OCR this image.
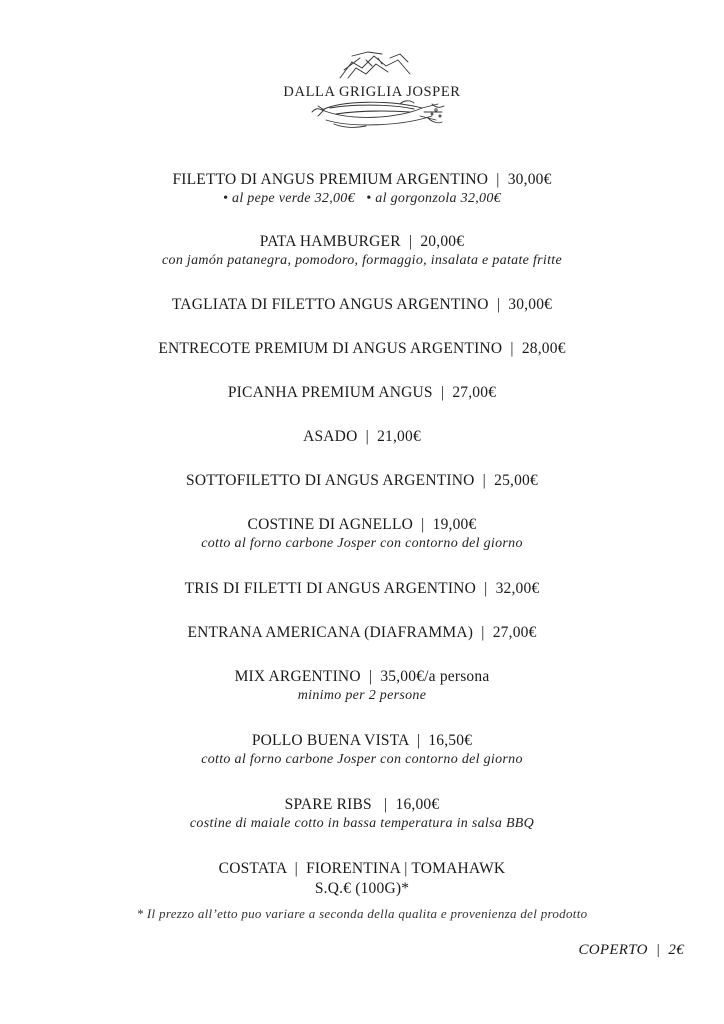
DALLA GRIGLIA JOSPER
FILETTO DI ANGUS PREMIUM ARGENTINO  |  30,00€
• al pepe verde 32,00€   • al gorgonzola 32,00€
PATA HAMBURGER  |  20,00€
con jamón patanegra, pomodoro, formaggio, insalata e patate fritte
TAGLIATA DI FILETTO ANGUS ARGENTINO  |  30,00€
ENTRECOTE PREMIUM DI ANGUS ARGENTINO  |  28,00€
PICANHA PREMIUM ANGUS  |  27,00€
ASADO  |  21,00€
SOTTOFILETTO DI ANGUS ARGENTINO  |  25,00€
COSTINE DI AGNELLO  |  19,00€
cotto al forno carbone Josper con contorno del giorno
TRIS DI FILETTI DI ANGUS ARGENTINO  |  32,00€
ENTRANA AMERICANA (DIAFRAMMA)  |  27,00€
MIX ARGENTINO  |  35,00€/a persona
minimo per 2 persone
POLLO BUENA VISTA  |  16,50€
cotto al forno carbone Josper con contorno del giorno
SPARE RIBS   |  16,00€
costine di maiale cotto in bassa temperatura in salsa BBQ
COSTATA  |  FIORENTINA | TOMAHAWK
S.Q.€ (100G)*
* Il prezzo all’etto puo variare a seconda della qualita e provenienza del prodotto
COPERTO  |  2€
